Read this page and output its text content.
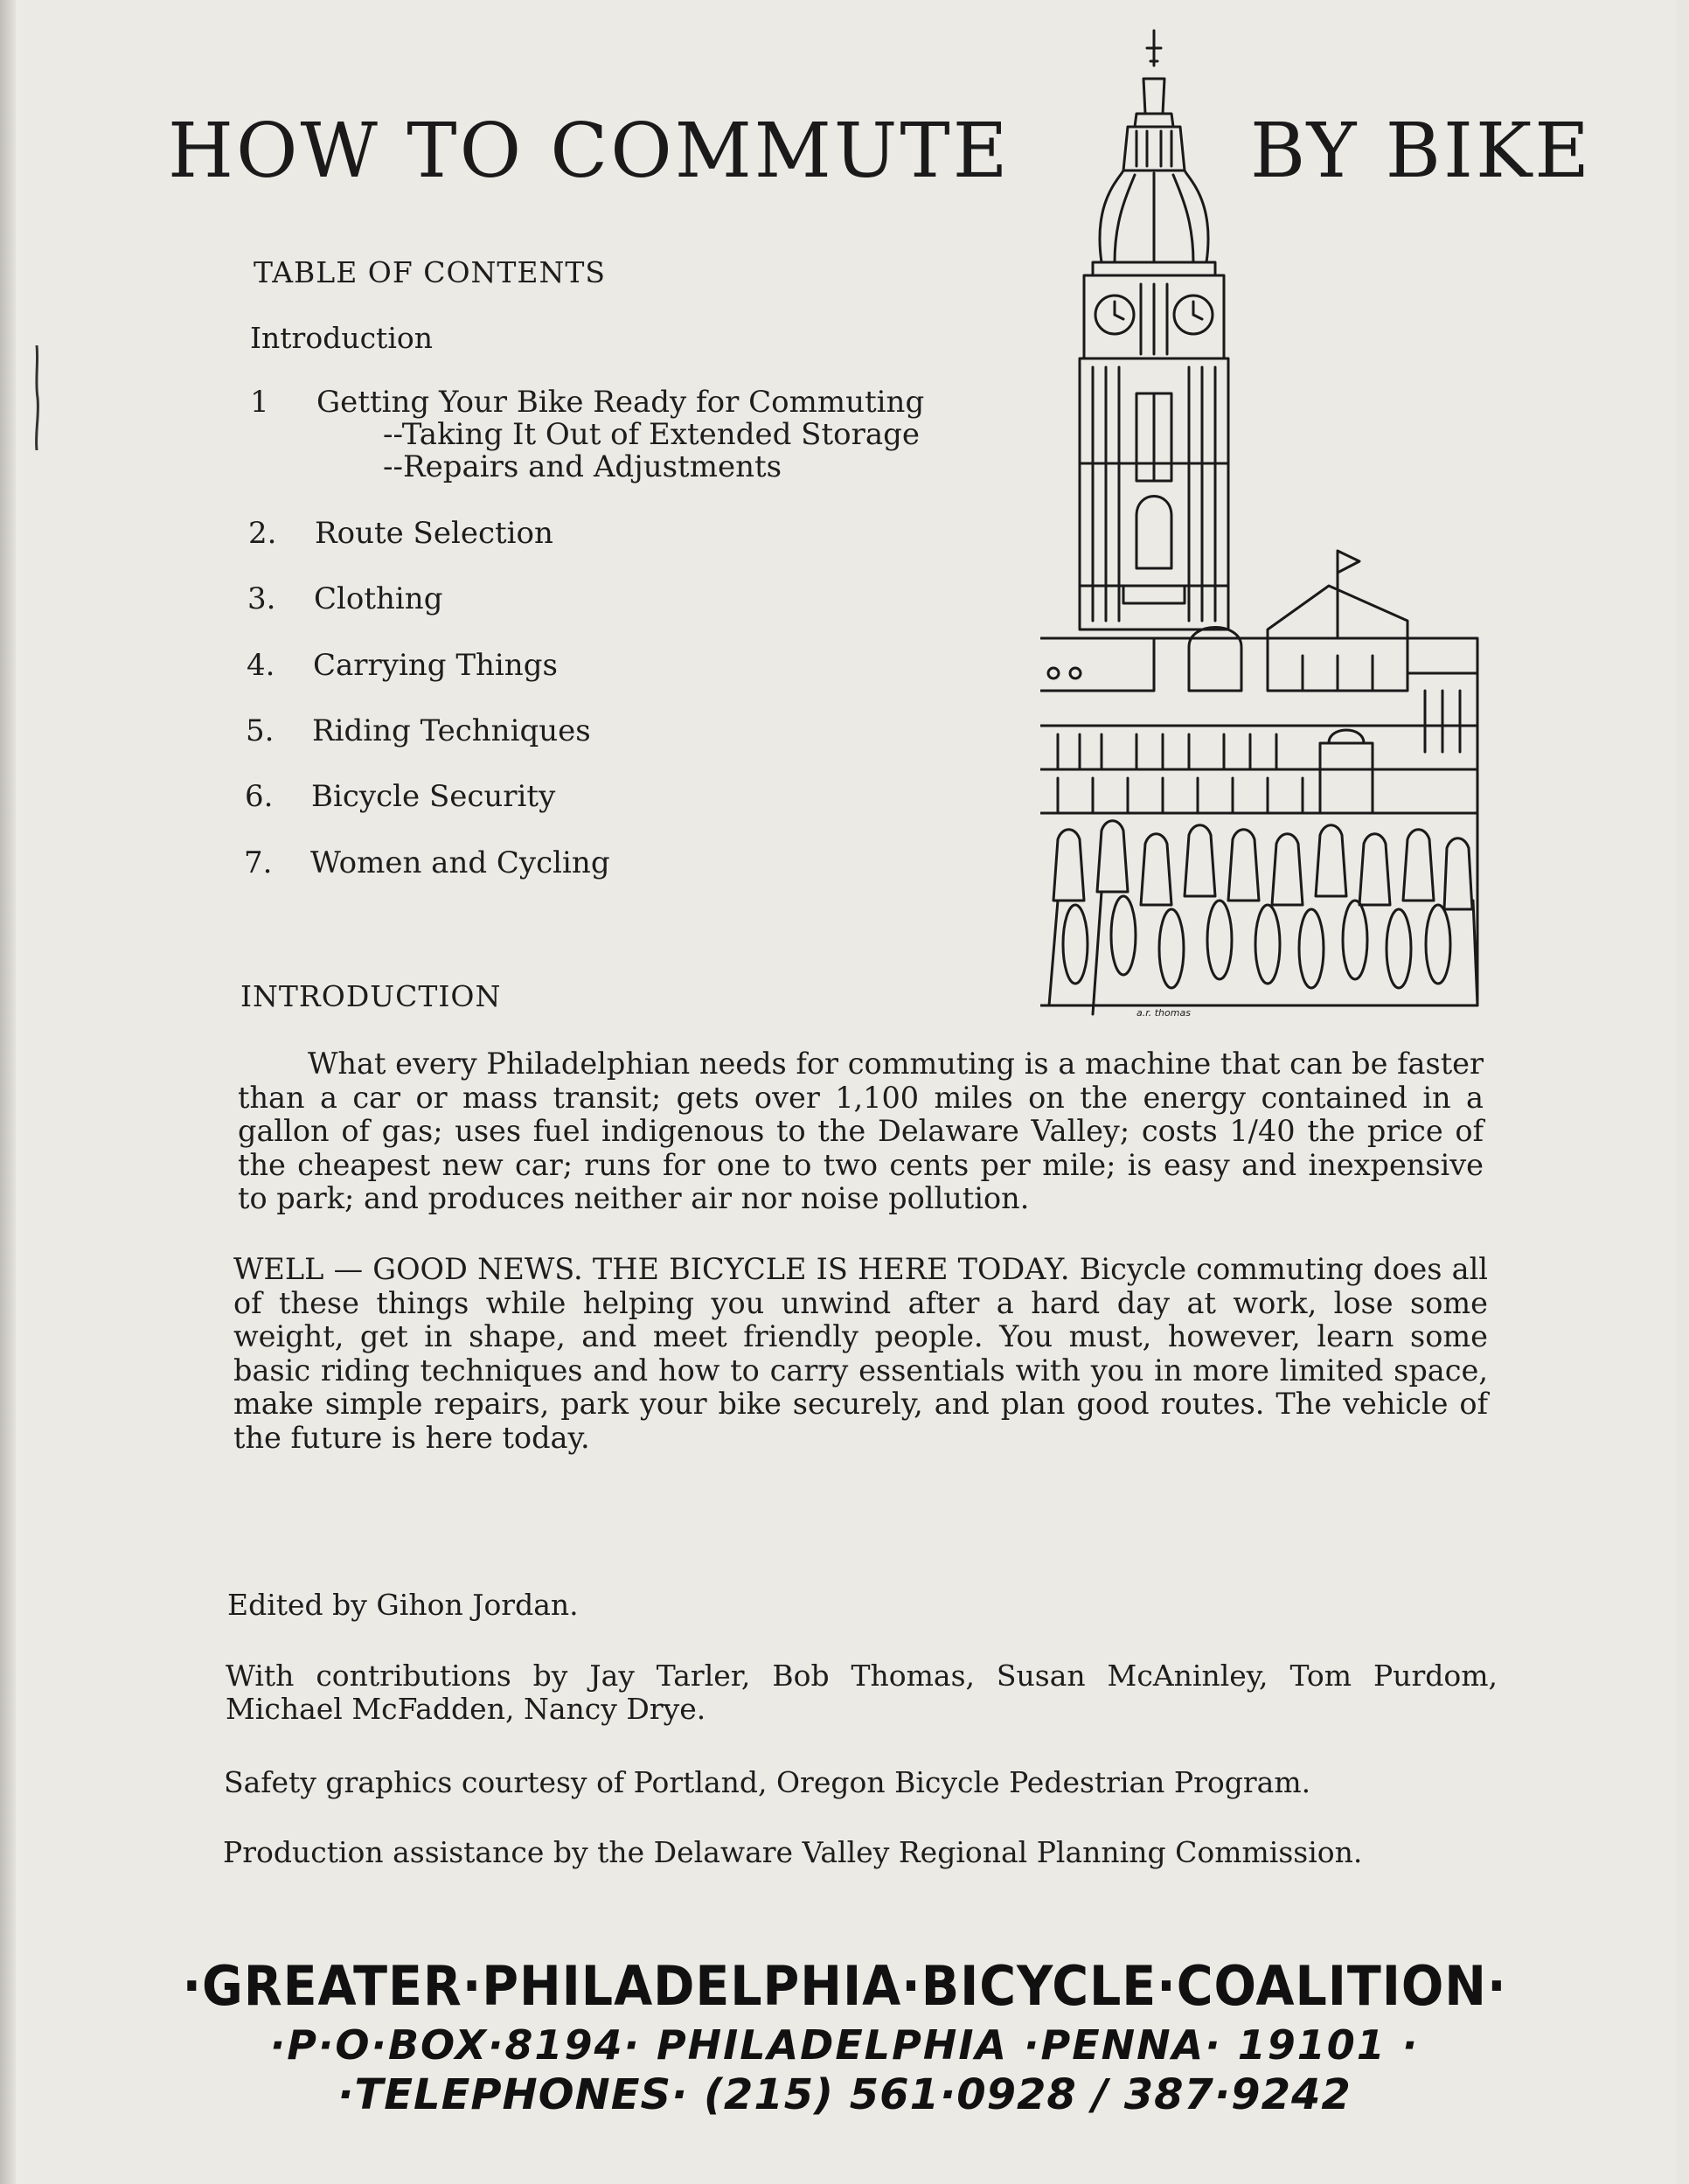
HOW TO COMMUTE	BY BIKE
TABLE OF CONTENTS
Introduction
1 Getting Your Bike Ready for Commuting
--Taking It Out of Extended Storage
--Repairs and Adjustments
2. Route Selection
3. Clothing
4. Carrying Things
5. Riding Techniques
6. Bicycle Security
7. Women and Cycling
a.r. thomas
INTRODUCTION
What every Philadelphian needs for commuting is a machine that can be faster than a car or mass transit; gets over 1,100 miles on the energy contained in a gallon of gas; uses fuel indigenous to the Delaware Valley; costs 1/40 the price of the cheapest new car; runs for one to two cents per mile; is easy and inexpensive to park; and produces neither air nor noise pollution.
WELL — GOOD NEWS. THE BICYCLE IS HERE TODAY. Bicycle commuting does all of these things while helping you unwind after a hard day at work, lose some weight, get in shape, and meet friendly people. You must, however, learn some basic riding techniques and how to carry essentials with you in more limited space, make simple repairs, park your bike securely, and plan good routes. The vehicle of the future is here today.
Edited by Gihon Jordan.
With contributions by Jay Tarler, Bob Thomas, Susan McAninley, Tom Purdom, Michael McFadden, Nancy Drye.
Safety graphics courtesy of Portland, Oregon Bicycle Pedestrian Program.
Production assistance by the Delaware Valley Regional Planning Commission.
·GREATER·PHILADELPHIA·BICYCLE·COALITION·
·P·O·BOX·8194· PHILADELPHIA ·PENNA· 19101 ·
·TELEPHONES· (215) 561·0928 / 387·9242
